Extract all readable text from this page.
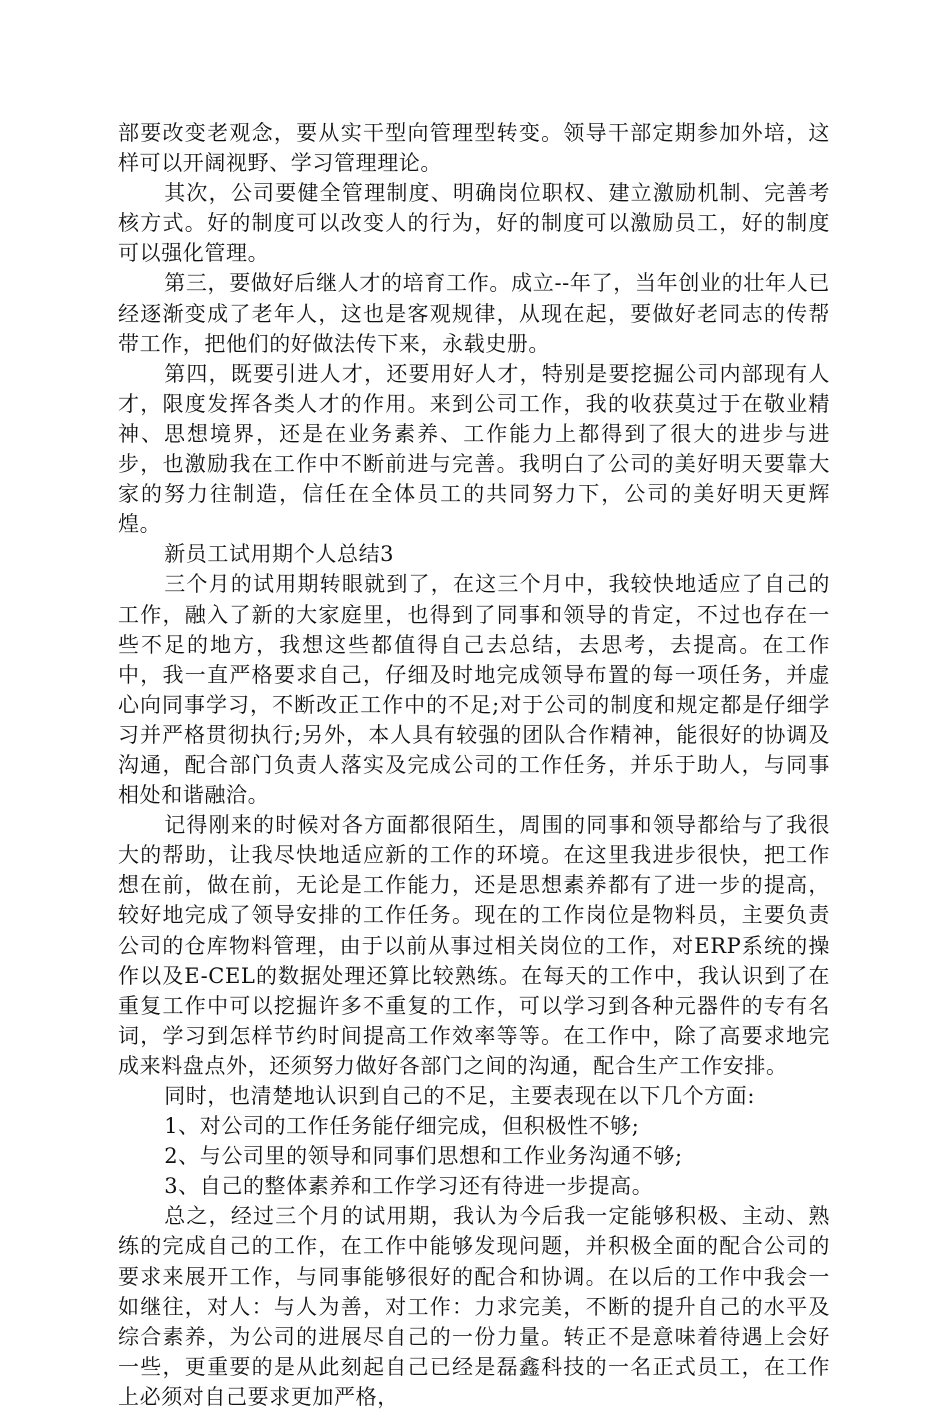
部要改变老观念，要从实干型向管理型转变。领导干部定期参加外培，这样可以开阔视野、学习管理理论。

其次，公司要健全管理制度、明确岗位职权、建立激励机制、完善考核方式。好的制度可以改变人的行为，好的制度可以激励员工，好的制度可以强化管理。

第三，要做好后继人才的培育工作。成立--年了，当年创业的壮年人已经逐渐变成了老年人，这也是客观规律，从现在起，要做好老同志的传帮带工作，把他们的好做法传下来，永载史册。

第四，既要引进人才，还要用好人才，特别是要挖掘公司内部现有人才，限度发挥各类人才的作用。来到公司工作，我的收获莫过于在敬业精神、思想境界，还是在业务素养、工作能力上都得到了很大的进步与进步，也激励我在工作中不断前进与完善。我明白了公司的美好明天要靠大家的努力往制造，信任在全体员工的共同努力下，公司的美好明天更辉煌。

新员工试用期个人总结3

三个月的试用期转眼就到了，在这三个月中，我较快地适应了自己的工作，融入了新的大家庭里，也得到了同事和领导的肯定，不过也存在一些不足的地方，我想这些都值得自己去总结，去思考，去提高。在工作中，我一直严格要求自己，仔细及时地完成领导布置的每一项任务，并虚心向同事学习，不断改正工作中的不足;对于公司的制度和规定都是仔细学习并严格贯彻执行;另外，本人具有较强的团队合作精神，能很好的协调及沟通，配合部门负责人落实及完成公司的工作任务，并乐于助人，与同事相处和谐融洽。

记得刚来的时候对各方面都很陌生，周围的同事和领导都给与了我很大的帮助，让我尽快地适应新的工作的环境。在这里我进步很快，把工作想在前，做在前，无论是工作能力，还是思想素养都有了进一步的提高，较好地完成了领导安排的工作任务。现在的工作岗位是物料员，主要负责公司的仓库物料管理，由于以前从事过相关岗位的工作，对ERP系统的操作以及E-CEL的数据处理还算比较熟练。在每天的工作中，我认识到了在重复工作中可以挖掘许多不重复的工作，可以学习到各种元器件的专有名词，学习到怎样节约时间提高工作效率等等。在工作中，除了高要求地完成来料盘点外，还须努力做好各部门之间的沟通，配合生产工作安排。

同时，也清楚地认识到自己的不足，主要表现在以下几个方面:

1、对公司的工作任务能仔细完成，但积极性不够;

2、与公司里的领导和同事们思想和工作业务沟通不够;

3、自己的整体素养和工作学习还有待进一步提高。

总之，经过三个月的试用期，我认为今后我一定能够积极、主动、熟练的完成自己的工作，在工作中能够发现问题，并积极全面的配合公司的要求来展开工作，与同事能够很好的配合和协调。在以后的工作中我会一如继往，对人：与人为善，对工作：力求完美，不断的提升自己的水平及综合素养，为公司的进展尽自己的一份力量。转正不是意味着待遇上会好一些，更重要的是从此刻起自己已经是磊鑫科技的一名正式员工，在工作上必须对自己要求更加严格，
